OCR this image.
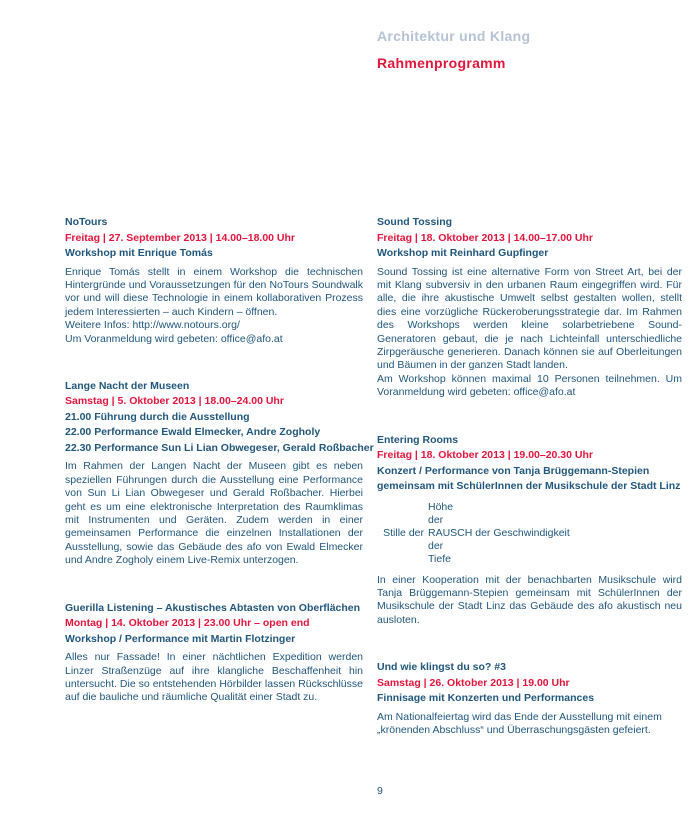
Architektur und Klang
Rahmenprogramm
NoTours
Freitag | 27. September 2013 | 14.00–18.00 Uhr
Workshop mit Enrique Tomás

Enrique Tomás stellt in einem Workshop die technischen Hintergründe und Voraussetzungen für den NoTours Soundwalk vor und will diese Technologie in einem kollaborativen Prozess jedem Interessierten – auch Kindern – öffnen.

Weitere Infos: http://www.notours.org/

Um Voranmeldung wird gebeten: office@afo.at

Lange Nacht der Museen
Samstag | 5. Oktober 2013 | 18.00–24.00 Uhr
21.00 Führung durch die Ausstellung
22.00 Performance Ewald Elmecker, Andre Zogholy
22.30 Performance Sun Li Lian Obwegeser, Gerald Roßbacher

Im Rahmen der Langen Nacht der Museen gibt es neben speziellen Führungen durch die Ausstellung eine Performance von Sun Li Lian Obwegeser und Gerald Roßbacher. Hierbei geht es um eine elektronische Interpretation des Raumklimas mit Instrumenten und Geräten. Zudem werden in einer gemeinsamen Performance die einzelnen Installationen der Ausstellung, sowie das Gebäude des afo von Ewald Elmecker und Andre Zogholy einem Live-Remix unterzogen.

Guerilla Listening – Akustisches Abtasten von Oberflächen
Montag | 14. Oktober 2013 | 23.00 Uhr – open end
Workshop / Performance mit Martin Flotzinger

Alles nur Fassade! In einer nächtlichen Expedition werden Linzer Straßenzüge auf ihre klangliche Beschaffenheit hin untersucht. Die so entstehenden Hörbilder lassen Rückschlüsse auf die bauliche und räumliche Qualität einer Stadt zu.

Sound Tossing
Freitag | 18. Oktober 2013 | 14.00–17.00 Uhr
Workshop mit Reinhard Gupfinger

Sound Tossing ist eine alternative Form von Street Art, bei der mit Klang subversiv in den urbanen Raum eingegriffen wird. Für alle, die ihre akustische Umwelt selbst gestalten wollen, stellt dies eine vorzügliche Rückeroberungsstrategie dar. Im Rahmen des Workshops werden kleine solarbetriebene Sound-Generatoren gebaut, die je nach Lichteinfall unterschiedliche Zirpgeräusche generieren. Danach können sie auf Oberleitungen und Bäumen in der ganzen Stadt landen.

Am Workshop können maximal 10 Personen teilnehmen. Um Voranmeldung wird gebeten: office@afo.at

Entering Rooms
Freitag | 18. Oktober 2013 | 19.00–20.30 Uhr
Konzert / Performance von Tanja Brüggemann-Stepien
gemeinsam mit SchülerInnen der Musikschule der Stadt Linz
Höhe
der
Stille der RAUSCH der Geschwindigkeit
der
Tiefe

In einer Kooperation mit der benachbarten Musikschule wird Tanja Brüggemann-Stepien gemeinsam mit SchülerInnen der Musikschule der Stadt Linz das Gebäude des afo akustisch neu ausloten.

Und wie klingst du so? #3
Samstag | 26. Oktober 2013 | 19.00 Uhr
Finnisage mit Konzerten und Performances

Am Nationalfeiertag wird das Ende der Ausstellung mit einem „krönenden Abschluss“ und Überraschungsgästen gefeiert.

9
